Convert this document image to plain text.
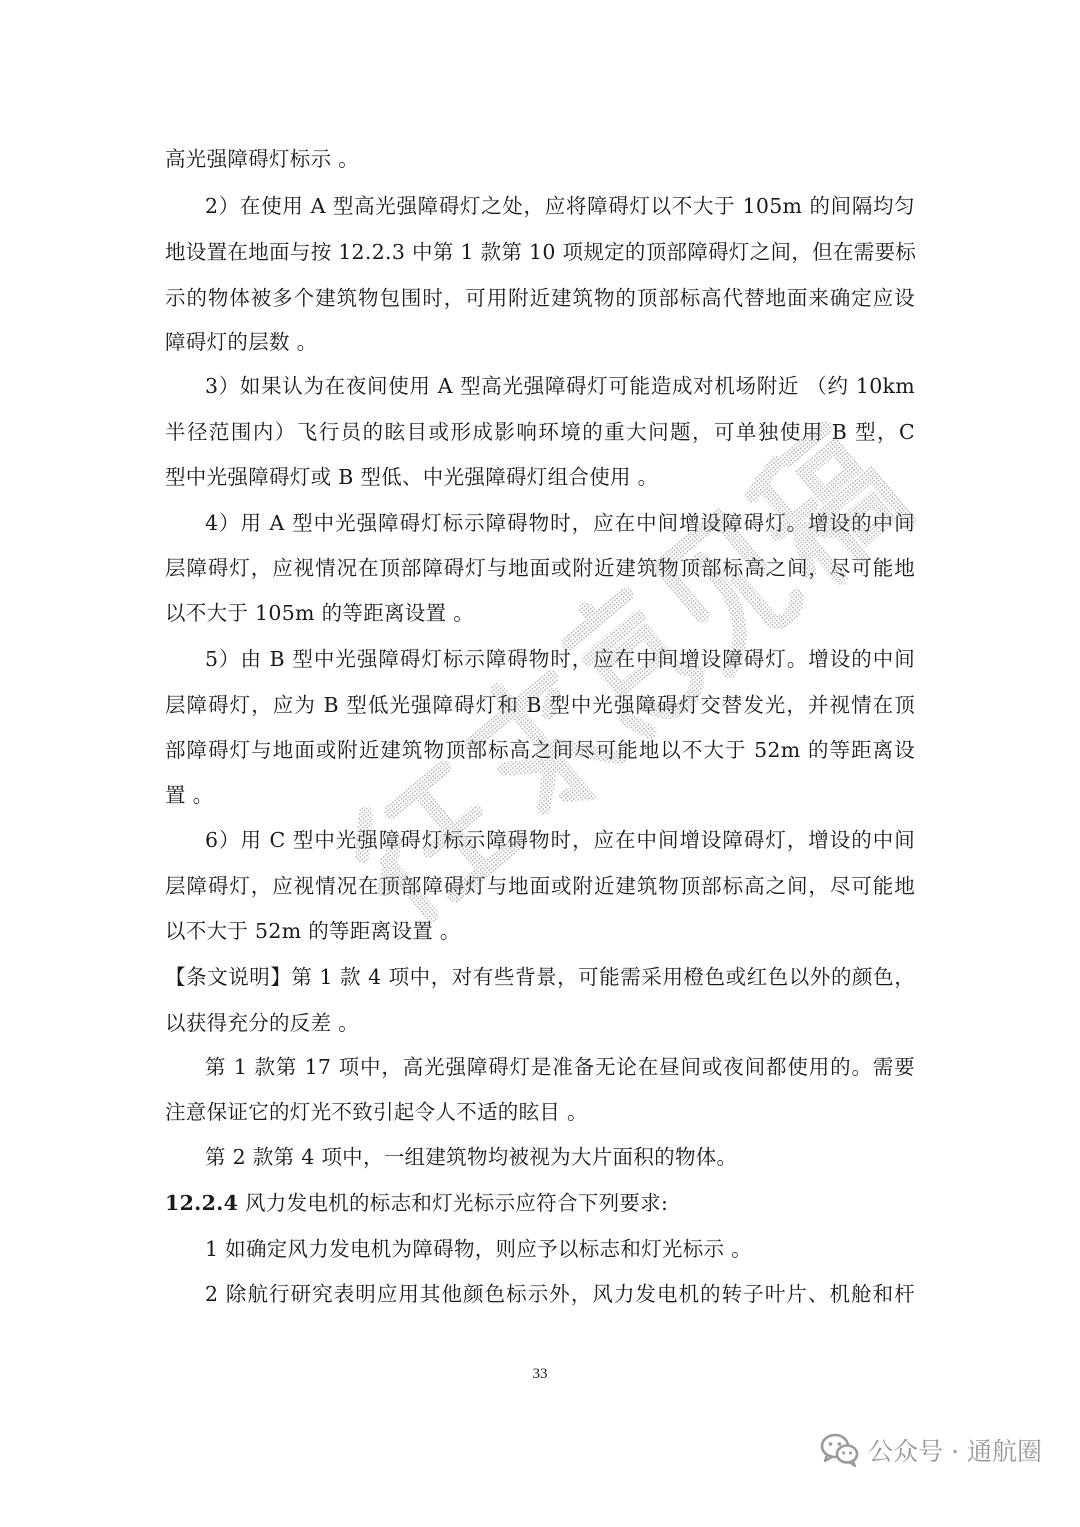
高光强障碍灯标示 。
2）在使用 A 型高光强障碍灯之处，应将障碍灯以不大于 105m 的间隔均匀
地设置在地面与按 12.2.3 中第 1 款第 10 项规定的顶部障碍灯之间，但在需要标
示的物体被多个建筑物包围时，可用附近建筑物的顶部标高代替地面来确定应设
障碍灯的层数 。
3）如果认为在夜间使用 A 型高光强障碍灯可能造成对机场附近 （约 10km
半径范围内）飞行员的眩目或形成影响环境的重大问题，可单独使用 B 型，C
型中光强障碍灯或 B 型低、中光强障碍灯组合使用 。
4）用 A 型中光强障碍灯标示障碍物时，应在中间增设障碍灯。增设的中间
层障碍灯，应视情况在顶部障碍灯与地面或附近建筑物顶部标高之间，尽可能地
以不大于 105m 的等距离设置 。
5）由 B 型中光强障碍灯标示障碍物时，应在中间增设障碍灯。增设的中间
层障碍灯，应为 B 型低光强障碍灯和 B 型中光强障碍灯交替发光，并视情在顶
部障碍灯与地面或附近建筑物顶部标高之间尽可能地以不大于 52m 的等距离设
置 。
6）用 C 型中光强障碍灯标示障碍物时，应在中间增设障碍灯，增设的中间
层障碍灯，应视情况在顶部障碍灯与地面或附近建筑物顶部标高之间，尽可能地
以不大于 52m 的等距离设置 。
【条文说明】第 1 款 4 项中，对有些背景，可能需采用橙色或红色以外的颜色，
以获得充分的反差 。
第 1 款第 17 项中，高光强障碍灯是准备无论在昼间或夜间都使用的。需要
注意保证它的灯光不致引起令人不适的眩目 。
第 2 款第 4 项中，一组建筑物均被视为大片面积的物体。
12.2.4 风力发电机的标志和灯光标示应符合下列要求:
1 如确定风力发电机为障碍物，则应予以标志和灯光标示 。
2 除航行研究表明应用其他颜色标示外，风力发电机的转子叶片、机舱和杆
33
公众号 · 通航圈
